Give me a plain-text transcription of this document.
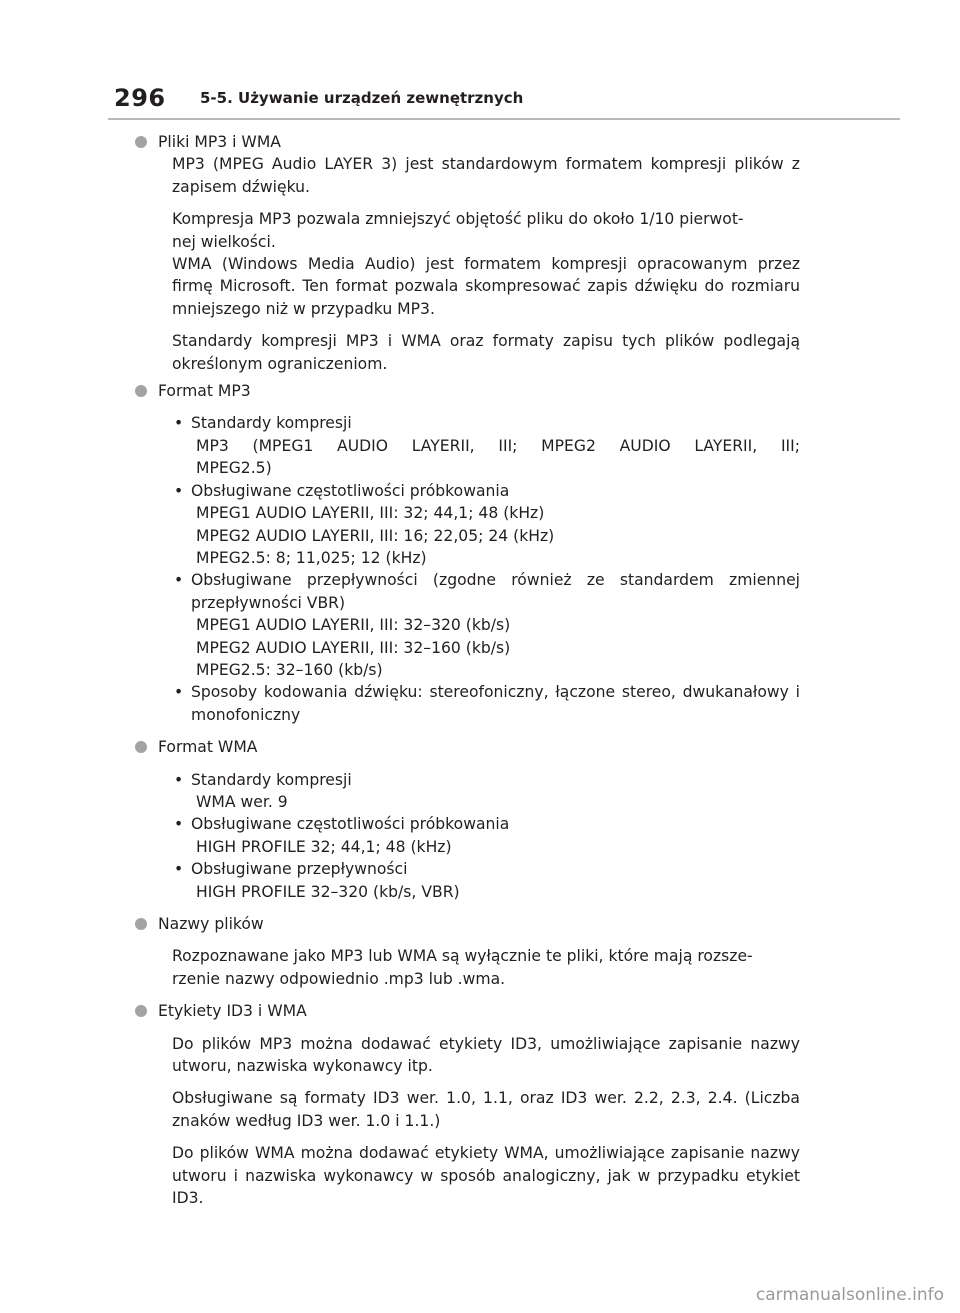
296 5-5. Używanie urządzeń zewnętrznych
Pliki MP3 i WMA
MP3 (MPEG Audio LAYER 3) jest standardowym formatem kompresji plików z zapisem dźwięku.
Kompresja MP3 pozwala zmniejszyć objętość pliku do około 1/10 pierwot-
nej wielkości.
WMA (Windows Media Audio) jest formatem kompresji opracowanym przez firmę Microsoft. Ten format pozwala skompresować zapis dźwięku do rozmiaru mniejszego niż w przypadku MP3.
Standardy kompresji MP3 i WMA oraz formaty zapisu tych plików podlegają określonym ograniczeniom.
Format MP3
• Standardy kompresji
MP3 (MPEG1 AUDIO LAYERII, III; MPEG2 AUDIO LAYERII, III;
MPEG2.5)
• Obsługiwane częstotliwości próbkowania
MPEG1 AUDIO LAYERII, III: 32; 44,1; 48 (kHz)
MPEG2 AUDIO LAYERII, III: 16; 22,05; 24 (kHz)
MPEG2.5: 8; 11,025; 12 (kHz)
• Obsługiwane przepływności (zgodne również ze standardem zmiennej przepływności VBR)
MPEG1 AUDIO LAYERII, III: 32–320 (kb/s)
MPEG2 AUDIO LAYERII, III: 32–160 (kb/s)
MPEG2.5: 32–160 (kb/s)
• Sposoby kodowania dźwięku: stereofoniczny, łączone stereo, dwukanałowy i monofoniczny
Format WMA
• Standardy kompresji
WMA wer. 9
• Obsługiwane częstotliwości próbkowania
HIGH PROFILE 32; 44,1; 48 (kHz)
• Obsługiwane przepływności
HIGH PROFILE 32–320 (kb/s, VBR)
Nazwy plików
Rozpoznawane jako MP3 lub WMA są wyłącznie te pliki, które mają rozsze-
rzenie nazwy odpowiednio .mp3 lub .wma.
Etykiety ID3 i WMA
Do plików MP3 można dodawać etykiety ID3, umożliwiające zapisanie nazwy utworu, nazwiska wykonawcy itp.
Obsługiwane są formaty ID3 wer. 1.0, 1.1, oraz ID3 wer. 2.2, 2.3, 2.4. (Liczba znaków według ID3 wer. 1.0 i 1.1.)
Do plików WMA można dodawać etykiety WMA, umożliwiające zapisanie nazwy utworu i nazwiska wykonawcy w sposób analogiczny, jak w przypadku etykiet ID3.
carmanualsonline.info
